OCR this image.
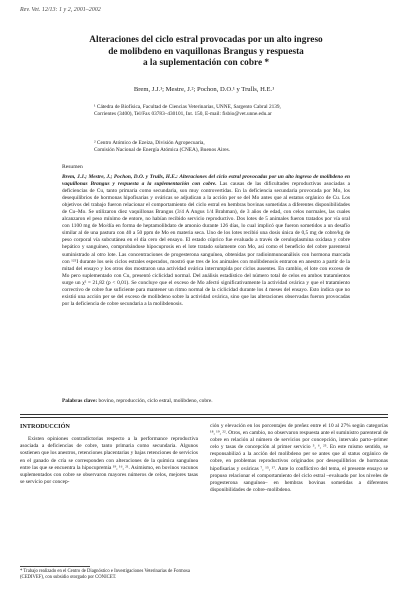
Rev. Vet. 12/13: 1 y 2, 2001–2002

Alteraciones del ciclo estral provocadas por un alto ingreso

de molibdeno en vaquillonas Brangus y respuesta

a la suplementación con cobre *

Brem, J.J.¹; Mestre, J.²; Pochon, D.O.¹ y Trulls, H.E.¹
¹ Cátedra de Biofísica, Facultad de Ciencias Veterinarias, UNNE, Sargento Cabral 2139,
Corrientes (3400), Tel/Fax 03783–430101, Int. 150, E-mail: fisbio@vet.unne.edu.ar
² Centro Atómico de Ezeiza, División Agropecuaria,
Comisión Nacional de Energía Atómica (CNEA), Buenos Aires.
Resumen
Brem, J.J.; Mestre, J.; Pochon, D.O. y Trulls, H.E.: Alteraciones del ciclo estral provocadas por un alto ingreso de molibdeno en vaquillonas Brangus y respuesta a la suplementación con cobre. Las causas de las dificultades reproductivas asociadas a deficiencias de Cu, tanto primaria como secundaria, son muy controvertidas. En la deficiencia secundaria provocada por Mo, los desequilibrios de hormonas hipofisarias y ováricas se adjudican a la acción per se del Mo antes que al estatus orgánico de Cu. Los objetivos del trabajo fueron relacionar el comportamiento del ciclo estral en hembras bovinas sometidas a diferentes disponibilidades de Cu–Mo. Se utilizaron diez vaquillonas Brangus (3/4 A Angus 1/4 Brahman), de 3 años de edad, con celos normales, las cuales alcanzaron el peso mínimo de entore, no habían recibido servicio reproductivo. Dos lotes de 5 animales fueron tratados por vía oral con 1100 mg de Mo/día en forma de heptamolibdato de amonio durante 126 días, lo cual implicó que fueron sometidos a un desafío similar al de una pastura con 40 a 50 ppm de Mo en materia seca. Uno de los lotes recibió una dosis única de 0,5 mg de cobre/kg de peso corporal vía subcutánea en el día cero del ensayo. El estado cúprico fue evaluado a través de ceruloplasmina oxidasa y cobre hepático y sanguíneo, comprobándose hipocuprosis en el lote tratado solamente con Mo, así como el beneficio del cobre parenteral suministrado al otro lote. Las concentraciones de progesterona sanguínea, obtenidas por radioinmunoanálisis con hormona marcada con ¹²⁵I durante los seis ciclos estrales esperados, mostró que tres de los animales con molibdenosis entraron en anestro a partir de la mitad del ensayo y los otros dos mostraron una actividad ovárica interrumpida por ciclos ausentes. En cambio, el lote con exceso de Mo pero suplementado con Cu, presentó ciclicidad normal. Del análisis estadístico del número total de celos en ambos tratamientos surge un χ² = 21,82 (p < 0,01). Se concluye que el exceso de Mo afectó significativamente la actividad ovárica y que el tratamiento correctivo de cobre fue suficiente para mantener un ritmo normal de la ciclicidad durante los 4 meses del ensayo. Esto indica que no existió una acción per se del exceso de molibdeno sobre la actividad ovárica, sino que las alteraciones observadas fueron provocadas por la deficiencia de cobre secundaria a la molibdenosis.
Palabras clave: bovino, reproducción, ciclo estral, molibdeno, cobre.
INTRODUCCIÓN

Existen opiniones contradictorias respecto a la performance reproductiva asociada a deficiencias de cobre, tanto primaria como secundaria. Algunos sostienen que los anestros, retenciones placentarias y bajas retenciones de servicios en el ganado de cría se corresponden con alteraciones de la química sanguínea entre las que se encuentra la hipocupremia ¹⁹, ¹⁶, ²¹. Asimismo, en bovinos vacunos suplementados con cobre se observaron mayores números de celos, mejores tasas se servicio por concep-

ción y elevación en los porcentajes de preñez entre el 10 al 27% según categorías ¹⁸, ¹⁹, ²². Otros, en cambio, no observaron respuesta ante el suministro parenteral de cobre en relación al número de servicios por concepción, intervalo parto–primer celo y tasas de concepción al primer servicio ⁵, ⁶, ²⁵. En este mismo sentido, se responsabilizó a la acción del molibdeno per se antes que al status orgánico de cobre, en problemas reproductivos originados por desequilibrios de hormonas hipofisarias y ováricas ⁷, ¹⁵, ¹⁷. Ante lo conflictivo del tema, el presente ensayo se propuso relacionar el comportamiento del ciclo estral –evaluado por los niveles de progesterona sanguínea– en hembras bovinas sometidas a diferentes disponibilidades de cobre–molibdeno.

* Trabajo realizado en el Centro de Diagnóstico e Investigaciones Veterinarias de Formosa (CEDIVEF), con subsidio otorgado por CONICET.
